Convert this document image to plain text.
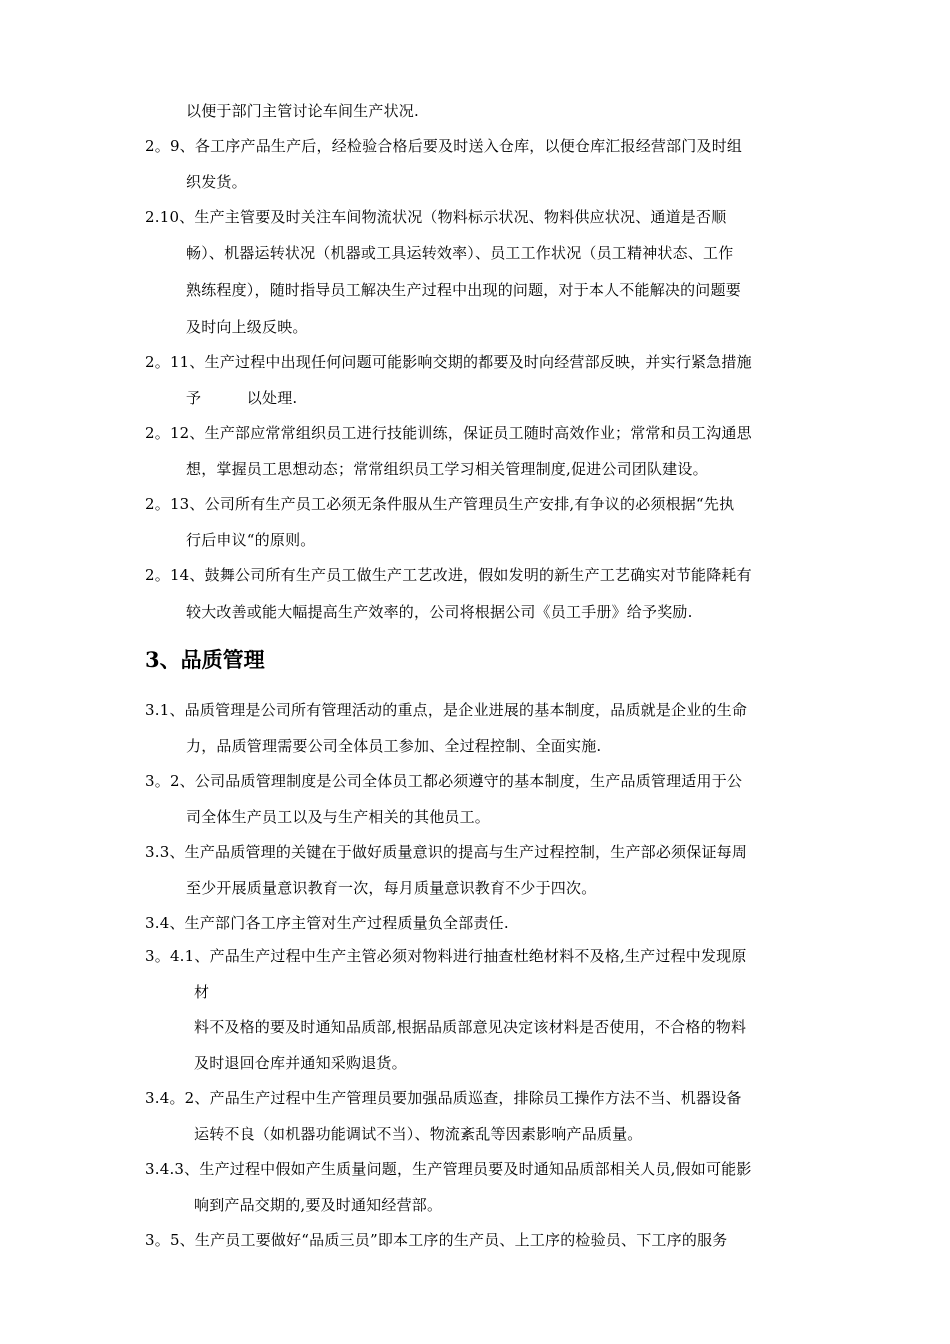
以便于部门主管讨论车间生产状况.
2。9、各工序产品生产后，经检验合格后要及时送入仓库，以便仓库汇报经营部门及时组
织发货。
2.10、生产主管要及时关注车间物流状况（物料标示状况、物料供应状况、通道是否顺
畅）、机器运转状况（机器或工具运转效率）、员工工作状况（员工精神状态、工作
熟练程度），随时指导员工解决生产过程中出现的问题，对于本人不能解决的问题要
及时向上级反映。
2。11、生产过程中出现任何问题可能影响交期的都要及时向经营部反映，并实行紧急措施
予　　　以处理.
2。12、生产部应常常组织员工进行技能训练，保证员工随时高效作业；常常和员工沟通思
想，掌握员工思想动态；常常组织员工学习相关管理制度,促进公司团队建设。
2。13、公司所有生产员工必须无条件服从生产管理员生产安排,有争议的必须根据“先执
行后申议“的原则。
2。14、鼓舞公司所有生产员工做生产工艺改进，假如发明的新生产工艺确实对节能降耗有
较大改善或能大幅提高生产效率的，公司将根据公司《员工手册》给予奖励.
3、品质管理
3.1、品质管理是公司所有管理活动的重点，是企业进展的基本制度，品质就是企业的生命
力，品质管理需要公司全体员工参加、全过程控制、全面实施.
3。2、公司品质管理制度是公司全体员工都必须遵守的基本制度，生产品质管理适用于公
司全体生产员工以及与生产相关的其他员工。
3.3、生产品质管理的关键在于做好质量意识的提高与生产过程控制，生产部必须保证每周
至少开展质量意识教育一次，每月质量意识教育不少于四次。
3.4、生产部门各工序主管对生产过程质量负全部责任.
3。4.1、产品生产过程中生产主管必须对物料进行抽查杜绝材料不及格,生产过程中发现原
材
料不及格的要及时通知品质部,根据品质部意见决定该材料是否使用，不合格的物料
及时退回仓库并通知采购退货。
3.4。2、产品生产过程中生产管理员要加强品质巡查，排除员工操作方法不当、机器设备
运转不良（如机器功能调试不当）、物流紊乱等因素影响产品质量。
3.4.3、生产过程中假如产生质量问题，生产管理员要及时通知品质部相关人员,假如可能影
响到产品交期的,要及时通知经营部。
3。5、生产员工要做好“品质三员”即本工序的生产员、上工序的检验员、下工序的服务
